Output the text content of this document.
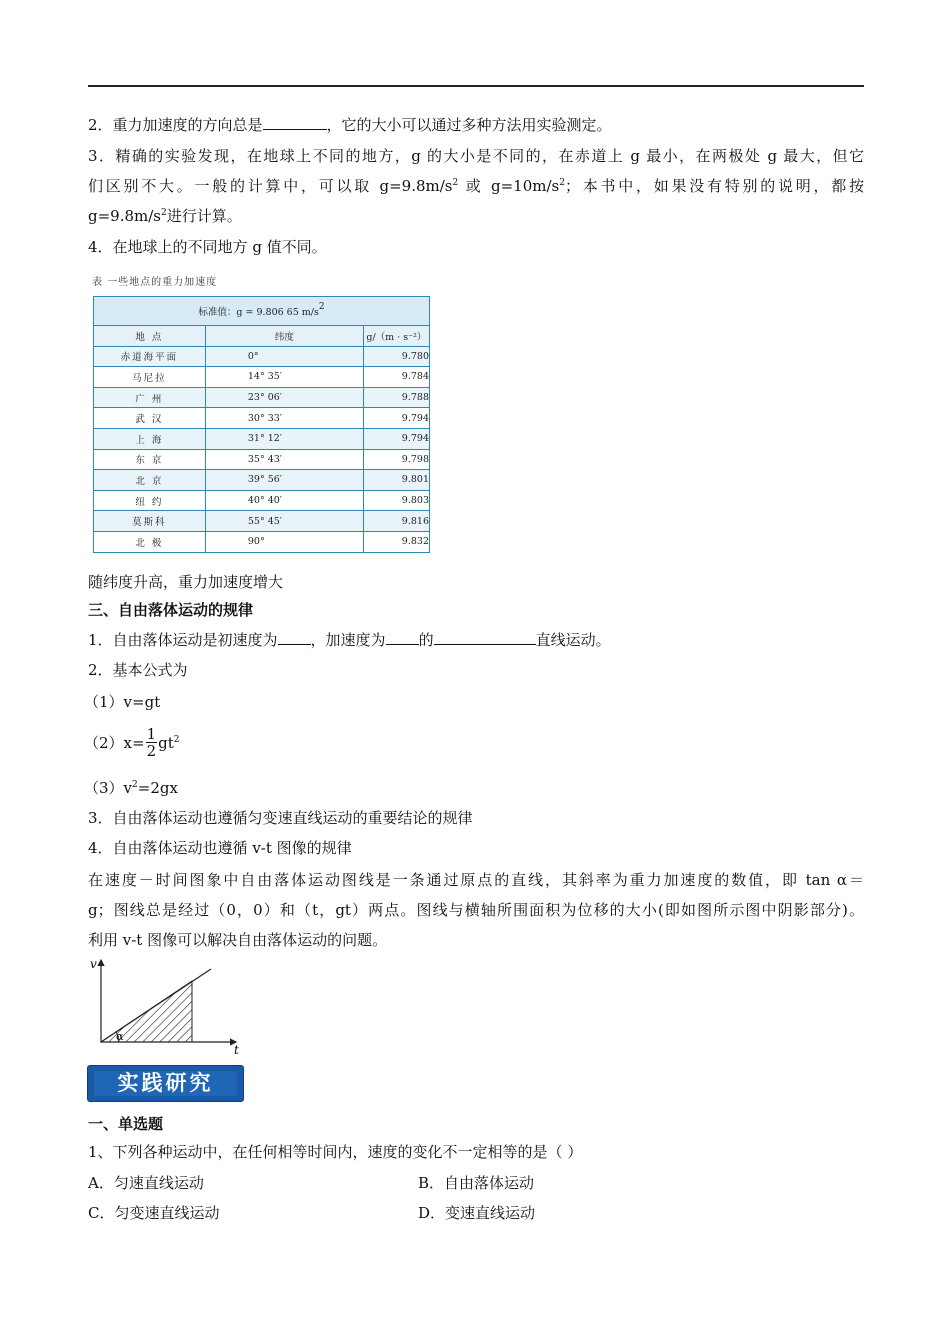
2．重力加速度的方向总是	，它的大小可以通过多种方法用实验测定。
3．精确的实验发现，在地球上不同的地方，g 的大小是不同的，在赤道上 g 最小，在两极处 g 最大，但它
们区别不大。一般的计算中，可以取 $g=9.8m/s^2$ 或 $g=10m/s^2$；本书中，如果没有特别的说明，都按
$g=9.8m/s^2$进行计算。
4．在地球上的不同地方 g 值不同。
表 一些地点的重力加速度
标准值：g = 9.806 65 $m/s^2$
地 点	纬度	g/（m · s⁻²）
赤道海平面	0°	9.780
马尼拉	14° 35′	9.784
广 州	23° 06′	9.788
武 汉	30° 33′	9.794
上 海	31° 12′	9.794
东 京	35° 43′	9.798
北 京	39° 56′	9.801
纽 约	40° 40′	9.803
莫斯科	55° 45′	9.816
北 极	90°	9.832
随纬度升高，重力加速度增大
三、自由落体运动的规律
1．自由落体运动是初速度为 ，加速度为 的	直线运动。
2．基本公式为
（1）v=gt
$(2)x= \frac{1}{2} gt^2$
$(3)v^2=2gx$
3．自由落体运动也遵循匀变速直线运动的重要结论的规律
4．自由落体运动也遵循 v-t 图像的规律
在速度－时间图象中自由落体运动图线是一条通过原点的直线，其斜率为重力加速度的数值，即 tan α＝
g；图线总是经过（0，0）和（t，gt）两点。图线与横轴所围面积为位移的大小(即如图所示图中阴影部分)。
利用 v-t 图像可以解决自由落体运动的问题。
v
t
α
实践研究
一、单选题
1、下列各种运动中，在任何相等时间内，速度的变化不一定相等的是（ ）
A．匀速直线运动	B．自由落体运动
C．匀变速直线运动	D．变速直线运动
